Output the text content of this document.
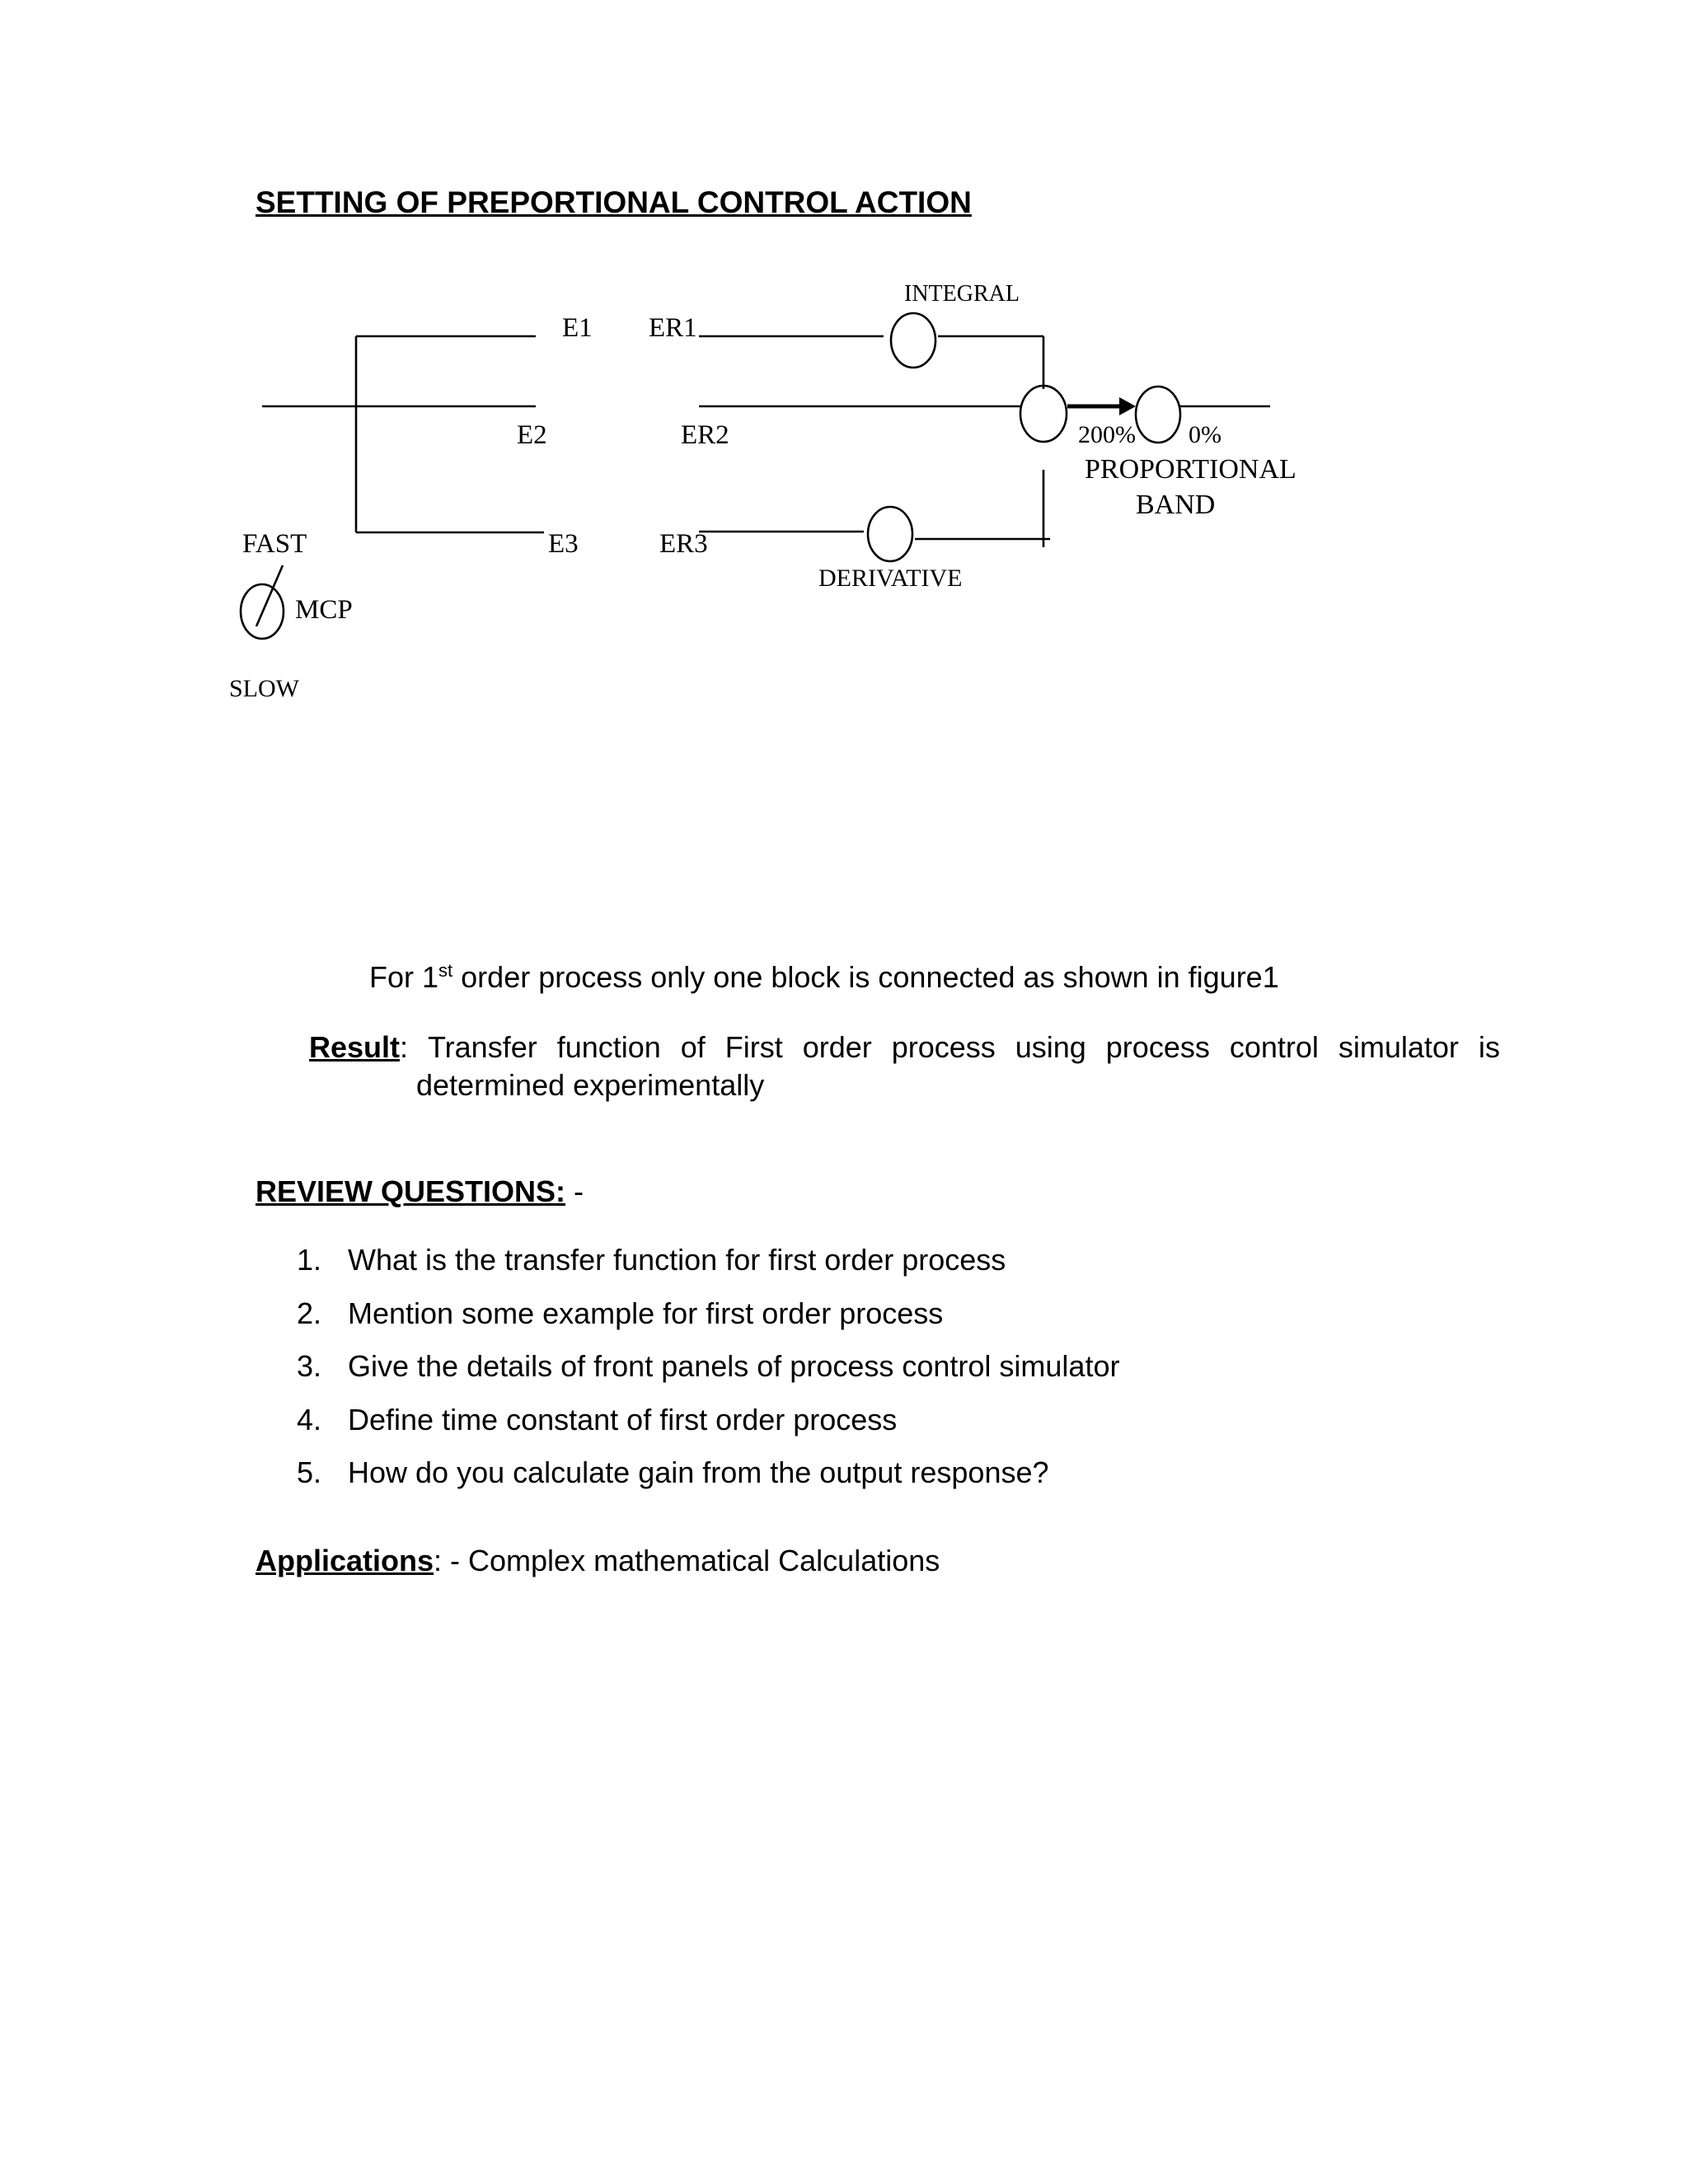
SETTING OF PREPORTIONAL CONTROL ACTION
E1
E2
E3
ER1
ER2
ER3
INTEGRAL
DERIVATIVE
200% 0%
PROPORTIONAL
BAND
FAST
MCP
SLOW
For 1st order process only one block is connected as shown in figure1
Result: Transfer function of First order process using process control simulator is
determined experimentally
REVIEW QUESTIONS: -
1. What is the transfer function for first order process
2. Mention some example for first order process
3. Give the details of front panels of process control simulator
4. Define time constant of first order process
5. How do you calculate gain from the output response?
Applications: - Complex mathematical Calculations
